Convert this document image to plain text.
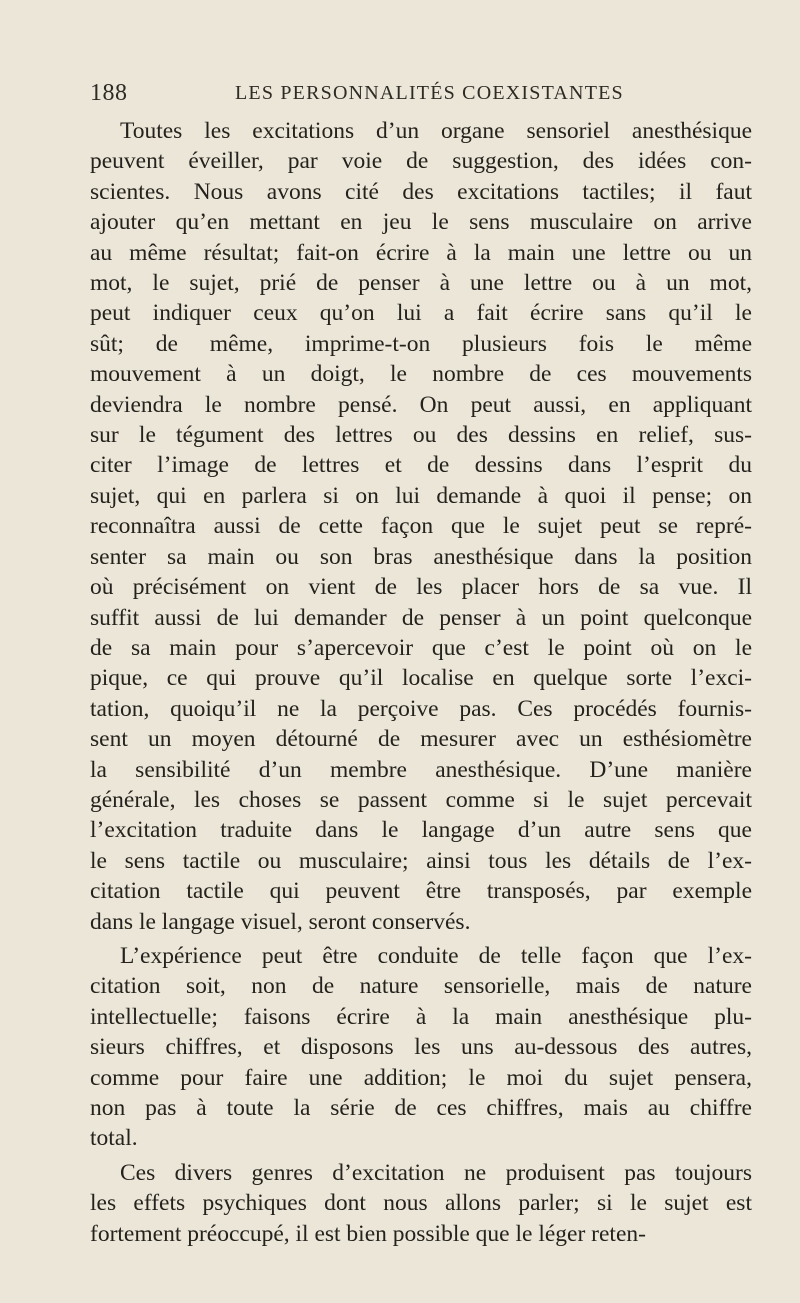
188	LES PERSONNALITÉS COEXISTANTES

Toutes les excitations d’un organe sensoriel anesthésique
peuvent éveiller, par voie de suggestion, des idées con-
scientes. Nous avons cité des excitations tactiles; il faut
ajouter qu’en mettant en jeu le sens musculaire on arrive
au même résultat; fait-on écrire à la main une lettre ou un
mot, le sujet, prié de penser à une lettre ou à un mot,
peut indiquer ceux qu’on lui a fait écrire sans qu’il le
sût; de même, imprime-t-on plusieurs fois le même
mouvement à un doigt, le nombre de ces mouvements
deviendra le nombre pensé. On peut aussi, en appliquant
sur le tégument des lettres ou des dessins en relief, sus-
citer l’image de lettres et de dessins dans l’esprit du
sujet, qui en parlera si on lui demande à quoi il pense; on
reconnaîtra aussi de cette façon que le sujet peut se repré-
senter sa main ou son bras anesthésique dans la position
où précisément on vient de les placer hors de sa vue. Il
suffit aussi de lui demander de penser à un point quelconque
de sa main pour s’apercevoir que c’est le point où on le
pique, ce qui prouve qu’il localise en quelque sorte l’exci-
tation, quoiqu’il ne la perçoive pas. Ces procédés fournis-
sent un moyen détourné de mesurer avec un esthésiomètre
la sensibilité d’un membre anesthésique. D’une manière
générale, les choses se passent comme si le sujet percevait
l’excitation traduite dans le langage d’un autre sens que
le sens tactile ou musculaire; ainsi tous les détails de l’ex-
citation tactile qui peuvent être transposés, par exemple
dans le langage visuel, seront conservés.

L’expérience peut être conduite de telle façon que l’ex-
citation soit, non de nature sensorielle, mais de nature
intellectuelle; faisons écrire à la main anesthésique plu-
sieurs chiffres, et disposons les uns au-dessous des autres,
comme pour faire une addition; le moi du sujet pensera,
non pas à toute la série de ces chiffres, mais au chiffre
total.

Ces divers genres d’excitation ne produisent pas toujours
les effets psychiques dont nous allons parler; si le sujet est
fortement préoccupé, il est bien possible que le léger reten-
